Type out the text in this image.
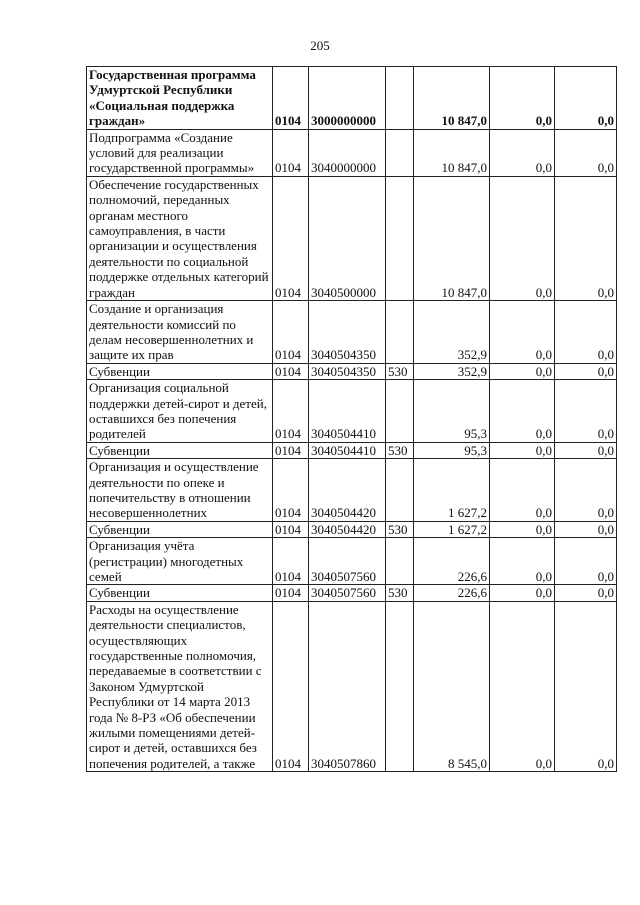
205
Государственная программа Удмуртской Республики «Социальная поддержка граждан»	0104	3000000000		10 847,0	0,0	0,0
Подпрограмма «Создание условий для реализации государственной программы»	0104	3040000000		10 847,0	0,0	0,0
Обеспечение государственных полномочий, переданных органам местного самоуправления, в части организации и осуществления деятельности по социальной поддержке отдельных категорий граждан	0104	3040500000		10 847,0	0,0	0,0
Создание и организация деятельности комиссий по делам несовершеннолетних и защите их прав	0104	3040504350		352,9	0,0	0,0
Субвенции	0104	3040504350	530	352,9	0,0	0,0
Организация социальной поддержки детей-сирот и детей, оставшихся без попечения родителей	0104	3040504410		95,3	0,0	0,0
Субвенции	0104	3040504410	530	95,3	0,0	0,0
Организация и осуществление деятельности по опеке и попечительству в отношении несовершеннолетних	0104	3040504420		1 627,2	0,0	0,0
Субвенции	0104	3040504420	530	1 627,2	0,0	0,0
Организация учёта (регистрации) многодетных семей	0104	3040507560		226,6	0,0	0,0
Субвенции	0104	3040507560	530	226,6	0,0	0,0
Расходы на осуществление деятельности специалистов, осуществляющих государственные полномочия, передаваемые в соответствии с Законом Удмуртской Республики от 14 марта 2013 года № 8-РЗ «Об обеспечении жилыми помещениями детей-сирот и детей, оставшихся без попечения родителей, а также	0104	3040507860		8 545,0	0,0	0,0
